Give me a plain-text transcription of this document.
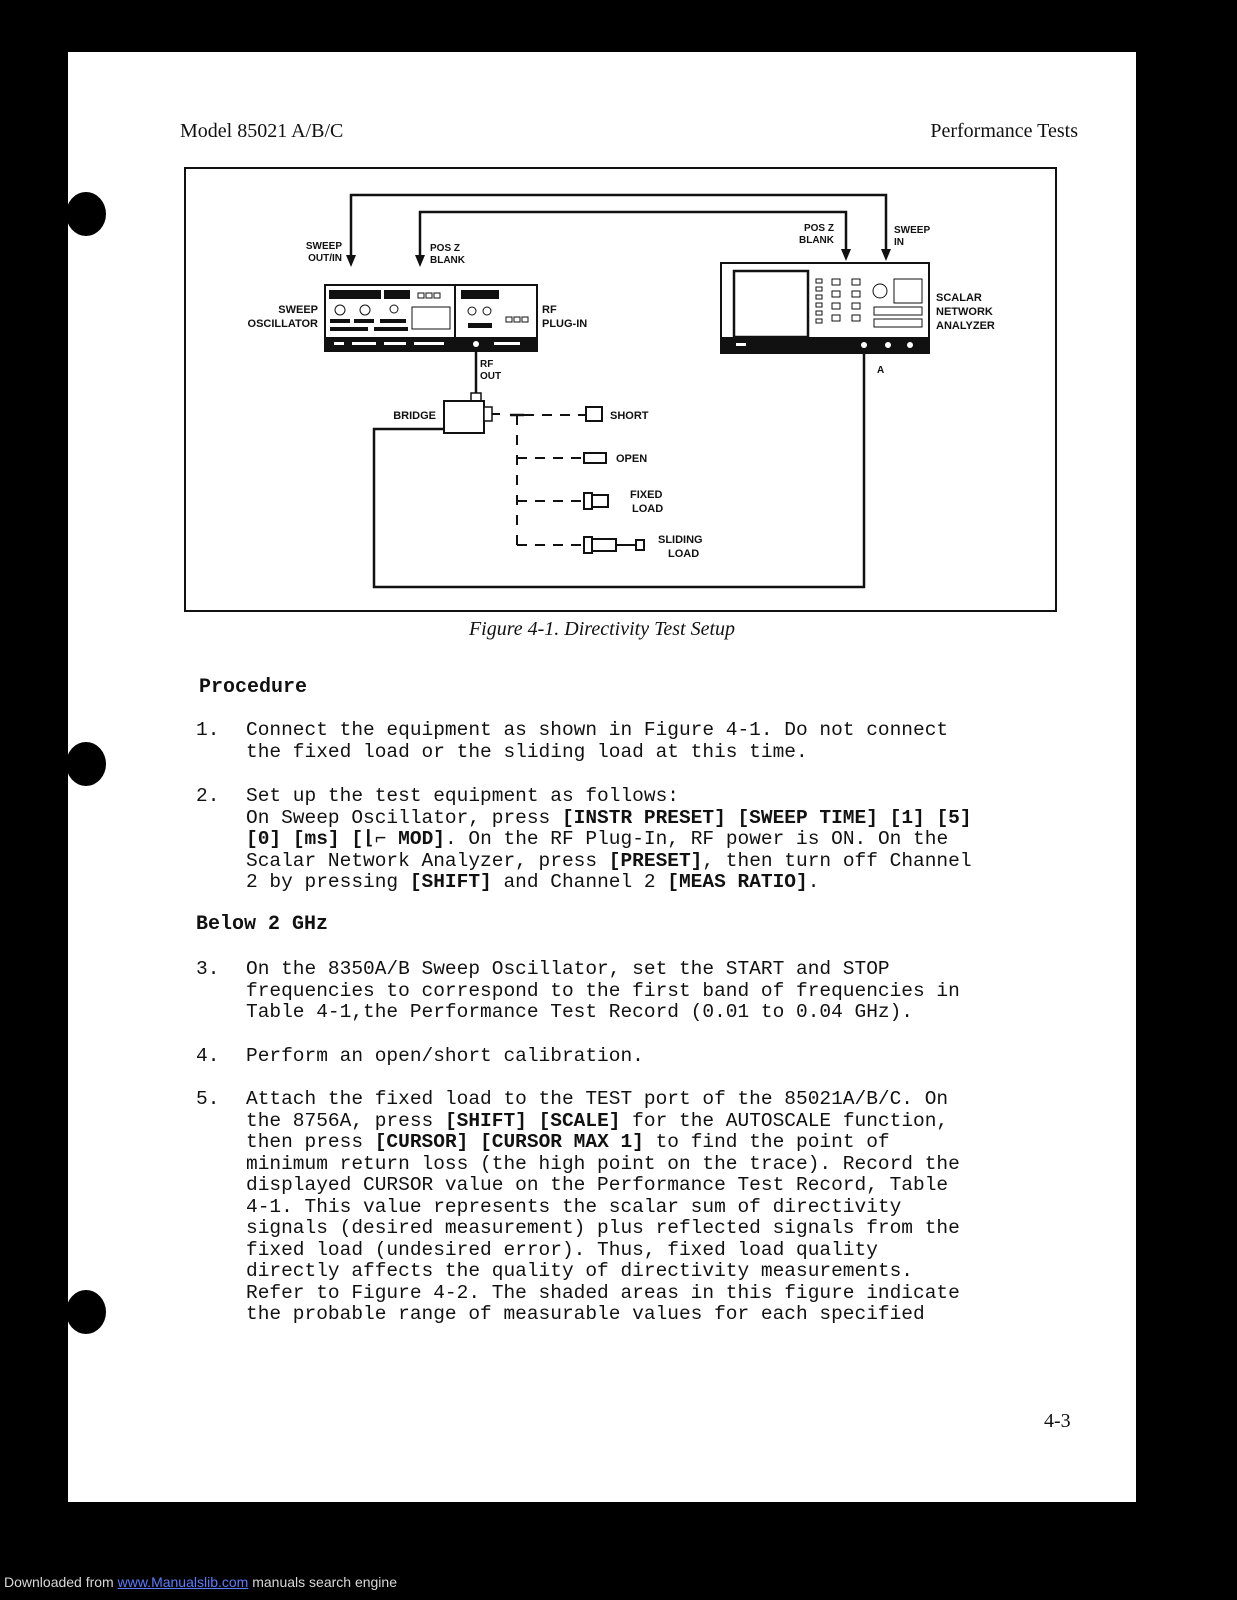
Model 85021 A/B/C	Performance Tests
SWEEP
OUT/IN
POS Z
BLANK
POS Z
BLANK
SWEEP
IN
SWEEP
OSCILLATOR
RF
PLUG-IN
SCALAR
NETWORK
ANALYZER
RF
OUT
BRIDGE
A
SHORT
OPEN
FIXED
LOAD
SLIDING
LOAD
Figure 4-1. Directivity Test Setup
Procedure
1. Connect the equipment as shown in Figure 4-1. Do not connect
the fixed load or the sliding load at this time.
2. Set up the test equipment as follows:
On Sweep Oscillator, press [INSTR PRESET] [SWEEP TIME] [1] [5]
[0] [ms] [⌊⌐ MOD]. On the RF Plug-In, RF power is ON. On the
Scalar Network Analyzer, press [PRESET], then turn off Channel
2 by pressing [SHIFT] and Channel 2 [MEAS RATIO].
Below 2 GHz
3. On the 8350A/B Sweep Oscillator, set the START and STOP
frequencies to correspond to the first band of frequencies in
Table 4-1,the Performance Test Record (0.01 to 0.04 GHz).
4. Perform an open/short calibration.
5. Attach the fixed load to the TEST port of the 85021A/B/C. On
the 8756A, press [SHIFT] [SCALE] for the AUTOSCALE function,
then press [CURSOR] [CURSOR MAX 1] to find the point of
minimum return loss (the high point on the trace). Record the
displayed CURSOR value on the Performance Test Record, Table
4-1. This value represents the scalar sum of directivity
signals (desired measurement) plus reflected signals from the
fixed load (undesired error). Thus, fixed load quality
directly affects the quality of directivity measurements.
Refer to Figure 4-2. The shaded areas in this figure indicate
the probable range of measurable values for each specified
4-3
Downloaded from www.Manualslib.com manuals search engine
